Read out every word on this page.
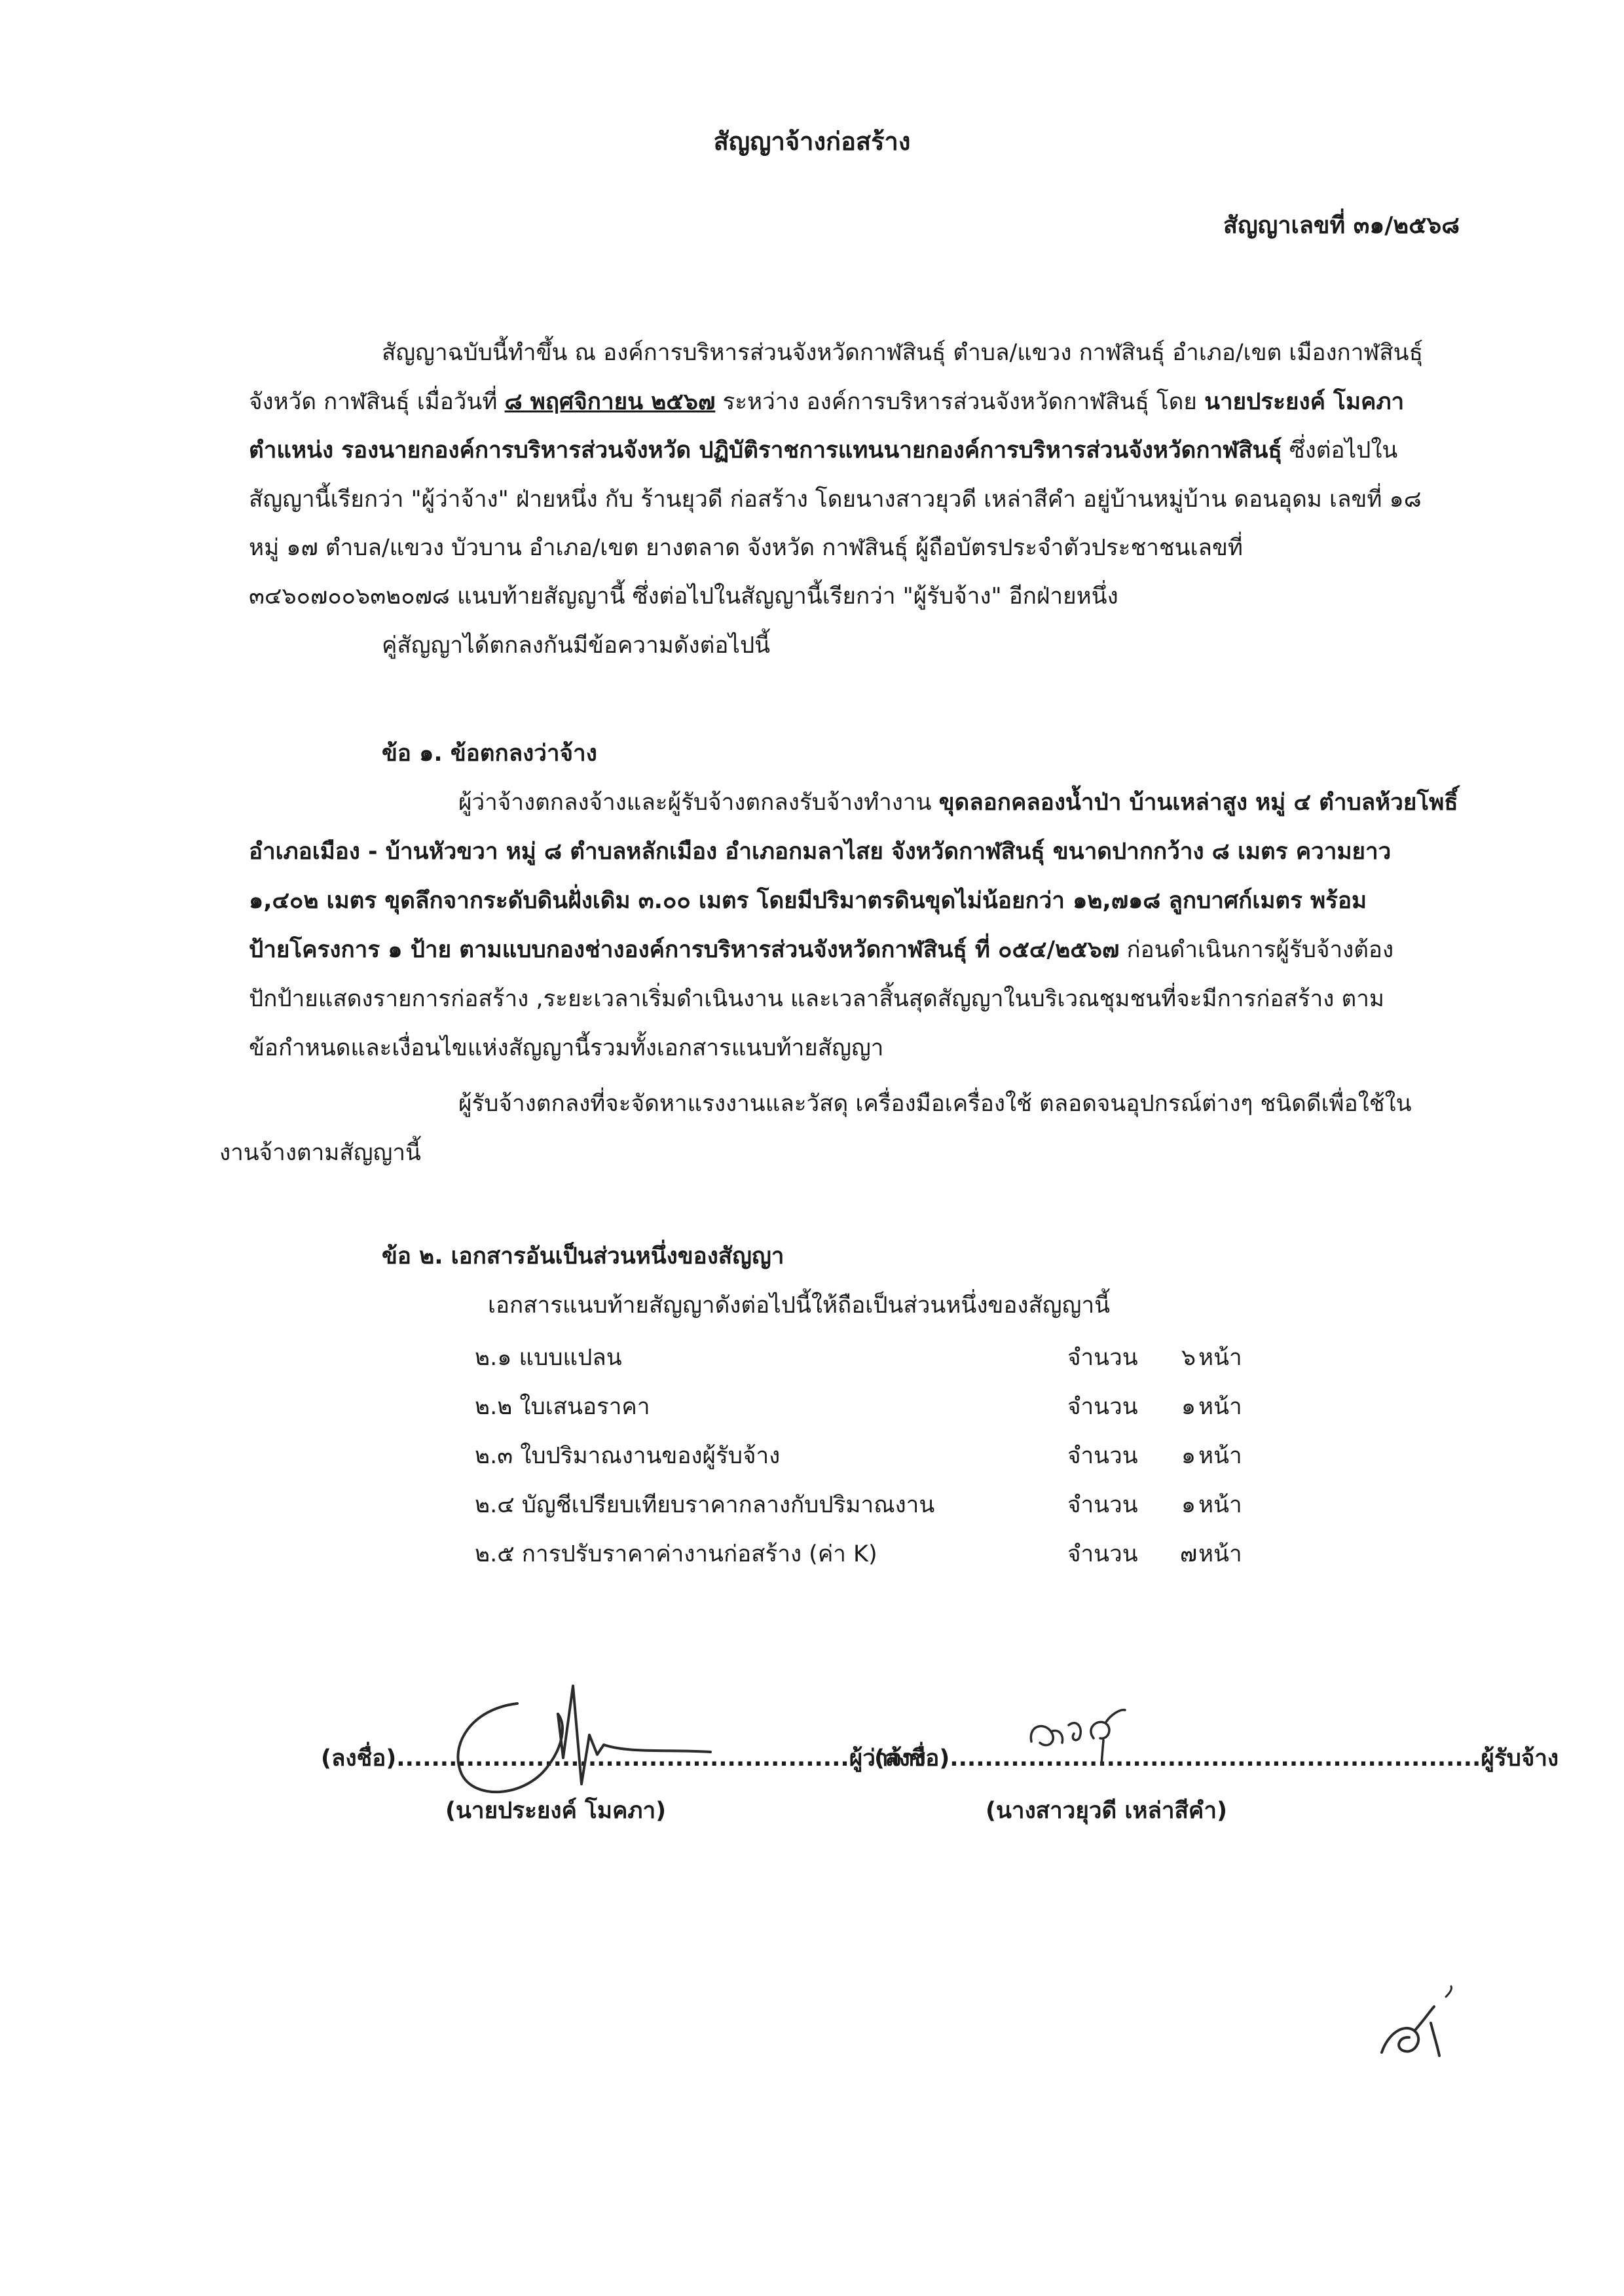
สัญญาจ้างก่อสร้าง
สัญญาเลขที่ ๓๑/๒๕๖๘
สัญญาฉบับนี้ทำขึ้น ณ องค์การบริหารส่วนจังหวัดกาฬสินธุ์ ตำบล/แขวง กาฬสินธุ์ อำเภอ/เขต เมืองกาฬสินธุ์
จังหวัด กาฬสินธุ์ เมื่อวันที่ ๘ พฤศจิกายน ๒๕๖๗ ระหว่าง องค์การบริหารส่วนจังหวัดกาฬสินธุ์ โดย นายประยงค์ โมคภา
ตำแหน่ง รองนายกองค์การบริหารส่วนจังหวัด ปฏิบัติราชการแทนนายกองค์การบริหารส่วนจังหวัดกาฬสินธุ์ ซึ่งต่อไปใน
สัญญานี้เรียกว่า "ผู้ว่าจ้าง" ฝ่ายหนึ่ง กับ ร้านยุวดี ก่อสร้าง โดยนางสาวยุวดี เหล่าสีคำ อยู่บ้านหมู่บ้าน ดอนอุดม เลขที่ ๑๘
หมู่ ๑๗ ตำบล/แขวง บัวบาน อำเภอ/เขต ยางตลาด จังหวัด กาฬสินธุ์ ผู้ถือบัตรประจำตัวประชาชนเลขที่
๓๔๖๐๗๐๐๖๓๒๐๗๘ แนบท้ายสัญญานี้ ซึ่งต่อไปในสัญญานี้เรียกว่า "ผู้รับจ้าง" อีกฝ่ายหนึ่ง
คู่สัญญาได้ตกลงกันมีข้อความดังต่อไปนี้
ข้อ ๑. ข้อตกลงว่าจ้าง
ผู้ว่าจ้างตกลงจ้างและผู้รับจ้างตกลงรับจ้างทำงาน ขุดลอกคลองน้ำป่า บ้านเหล่าสูง หมู่ ๔ ตำบลห้วยโพธิ์
อำเภอเมือง - บ้านหัวขวา หมู่ ๘ ตำบลหลักเมือง อำเภอกมลาไสย จังหวัดกาฬสินธุ์ ขนาดปากกว้าง ๘ เมตร ความยาว
๑,๔๐๒ เมตร ขุดลึกจากระดับดินฝั่งเดิม ๓.๐๐ เมตร โดยมีปริมาตรดินขุดไม่น้อยกว่า ๑๒,๗๑๘ ลูกบาศก์เมตร พร้อม
ป้ายโครงการ ๑ ป้าย ตามแบบกองช่างองค์การบริหารส่วนจังหวัดกาฬสินธุ์ ที่ ๐๕๔/๒๕๖๗ ก่อนดำเนินการผู้รับจ้างต้อง
ปักป้ายแสดงรายการก่อสร้าง ,ระยะเวลาเริ่มดำเนินงาน และเวลาสิ้นสุดสัญญาในบริเวณชุมชนที่จะมีการก่อสร้าง ตาม
ข้อกำหนดและเงื่อนไขแห่งสัญญานี้รวมทั้งเอกสารแนบท้ายสัญญา
ผู้รับจ้างตกลงที่จะจัดหาแรงงานและวัสดุ เครื่องมือเครื่องใช้ ตลอดจนอุปกรณ์ต่างๆ ชนิดดีเพื่อใช้ใน
งานจ้างตามสัญญานี้
ข้อ ๒. เอกสารอันเป็นส่วนหนึ่งของสัญญา
เอกสารแนบท้ายสัญญาดังต่อไปนี้ให้ถือเป็นส่วนหนึ่งของสัญญานี้
๒.๑ แบบแปลน	จำนวน ๖ หน้า
๒.๒ ใบเสนอราคา	จำนวน ๑ หน้า
๒.๓ ใบปริมาณงานของผู้รับจ้าง	จำนวน ๑ หน้า
๒.๔ บัญชีเปรียบเทียบราคากลางกับปริมาณงาน	จำนวน ๑ หน้า
๒.๕ การปรับราคาค่างานก่อสร้าง (ค่า K)	จำนวน ๗ หน้า
(ลงชื่อ)....................................................ผู้ว่าจ้าง
(นายประยงค์ โมคภา)
(ลงชื่อ).............................................................ผู้รับจ้าง
(นางสาวยุวดี เหล่าสีคำ)
